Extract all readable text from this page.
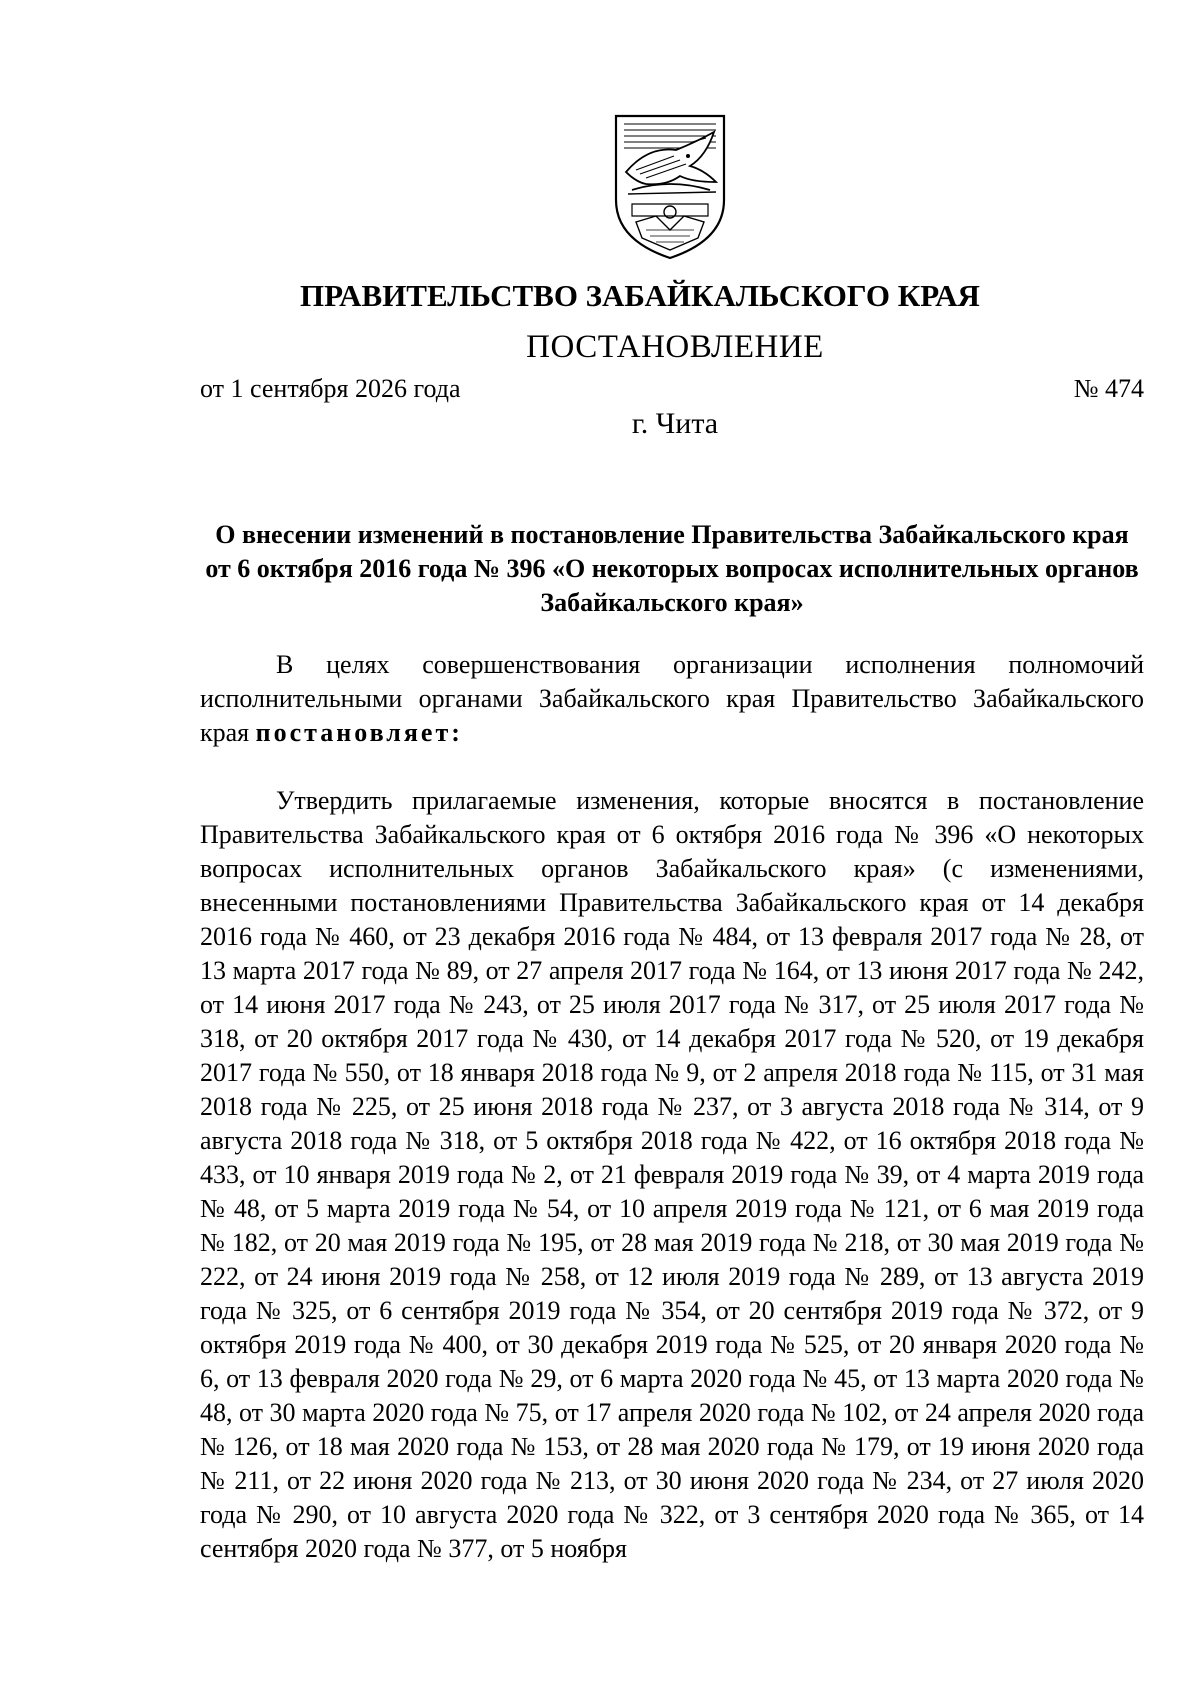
ПРАВИТЕЛЬСТВО ЗАБАЙКАЛЬСКОГО КРАЯ
ПОСТАНОВЛЕНИЕ
от 1 сентября 2026 года	№ 474
г. Чита
О внесении изменений в постановление Правительства Забайкальского края от 6 октября 2016 года № 396 «О некоторых вопросах исполнительных органов Забайкальского края»

В целях совершенствования организации исполнения полномочий исполнительными органами Забайкальского края Правительство Забайкальского края постановляет:

Утвердить прилагаемые изменения, которые вносятся в постановление Правительства Забайкальского края от 6 октября 2016 года № 396 «О некоторых вопросах исполнительных органов Забайкальского края» (с изменениями, внесенными постановлениями Правительства Забайкальского края от 14 декабря 2016 года № 460, от 23 декабря 2016 года № 484, от 13 февраля 2017 года № 28, от 13 марта 2017 года № 89, от 27 апреля 2017 года № 164, от 13 июня 2017 года № 242, от 14 июня 2017 года № 243, от 25 июля 2017 года № 317, от 25 июля 2017 года № 318, от 20 октября 2017 года № 430, от 14 декабря 2017 года № 520, от 19 декабря 2017 года № 550, от 18 января 2018 года № 9, от 2 апреля 2018 года № 115, от 31 мая 2018 года № 225, от 25 июня 2018 года № 237, от 3 августа 2018 года № 314, от 9 августа 2018 года № 318, от 5 октября 2018 года № 422, от 16 октября 2018 года № 433, от 10 января 2019 года № 2, от 21 февраля 2019 года № 39, от 4 марта 2019 года № 48, от 5 марта 2019 года № 54, от 10 апреля 2019 года № 121, от 6 мая 2019 года № 182, от 20 мая 2019 года № 195, от 28 мая 2019 года № 218, от 30 мая 2019 года № 222, от 24 июня 2019 года № 258, от 12 июля 2019 года № 289, от 13 августа 2019 года № 325, от 6 сентября 2019 года № 354, от 20 сентября 2019 года № 372, от 9 октября 2019 года № 400, от 30 декабря 2019 года № 525, от 20 января 2020 года № 6, от 13 февраля 2020 года № 29, от 6 марта 2020 года № 45, от 13 марта 2020 года № 48, от 30 марта 2020 года № 75, от 17 апреля 2020 года № 102, от 24 апреля 2020 года № 126, от 18 мая 2020 года № 153, от 28 мая 2020 года № 179, от 19 июня 2020 года № 211, от 22 июня 2020 года № 213, от 30 июня 2020 года № 234, от 27 июля 2020 года № 290, от 10 августа 2020 года № 322, от 3 сентября 2020 года № 365, от 14 сентября 2020 года № 377, от 5 ноября
